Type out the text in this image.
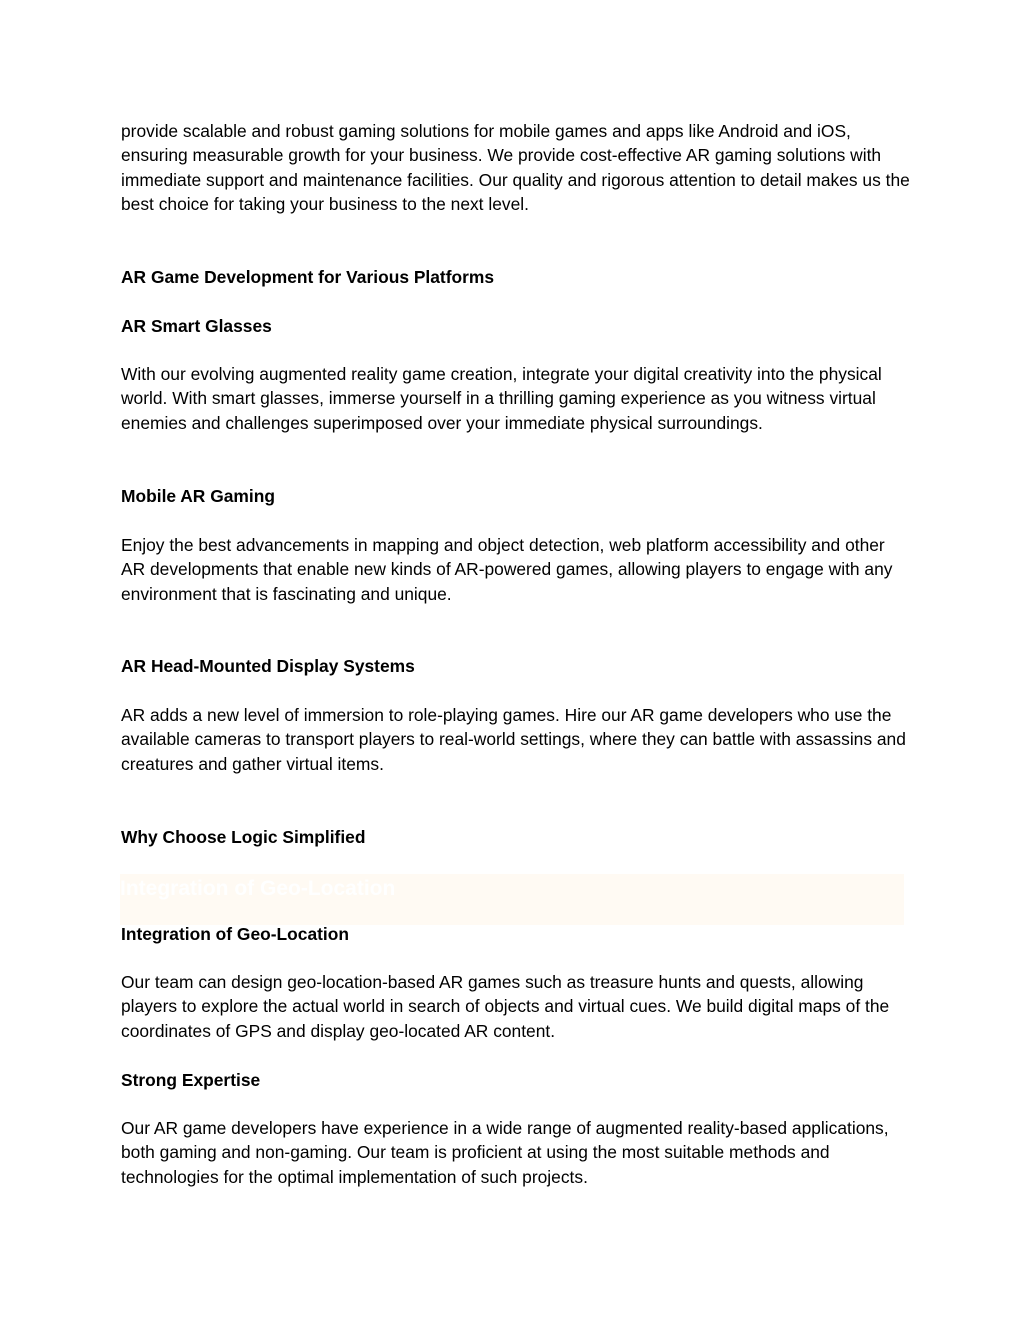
provide scalable and robust gaming solutions for mobile games and apps like Android and iOS, ensuring measurable growth for your business. We provide cost-effective AR gaming solutions with immediate support and maintenance facilities. Our quality and rigorous attention to detail makes us the best choice for taking your business to the next level.

AR Game Development for Various Platforms
AR Smart Glasses

With our evolving augmented reality game creation, integrate your digital creativity into the physical world. With smart glasses, immerse yourself in a thrilling gaming experience as you witness virtual enemies and challenges superimposed over your immediate physical surroundings.

Mobile AR Gaming

Enjoy the best advancements in mapping and object detection, web platform accessibility and other AR developments that enable new kinds of AR-powered games, allowing players to engage with any environment that is fascinating and unique.

AR Head-Mounted Display Systems

AR adds a new level of immersion to role-playing games. Hire our AR game developers who use the available cameras to transport players to real-world settings, where they can battle with assassins and creatures and gather virtual items.

Why Choose Logic Simplified
Integration of Geo-Location
Integration of Geo-Location

Our team can design geo-location-based AR games such as treasure hunts and quests, allowing players to explore the actual world in search of objects and virtual cues. We build digital maps of the coordinates of GPS and display geo-located AR content.

Strong Expertise

Our AR game developers have experience in a wide range of augmented reality-based applications, both gaming and non-gaming. Our team is proficient at using the most suitable methods and technologies for the optimal implementation of such projects.
